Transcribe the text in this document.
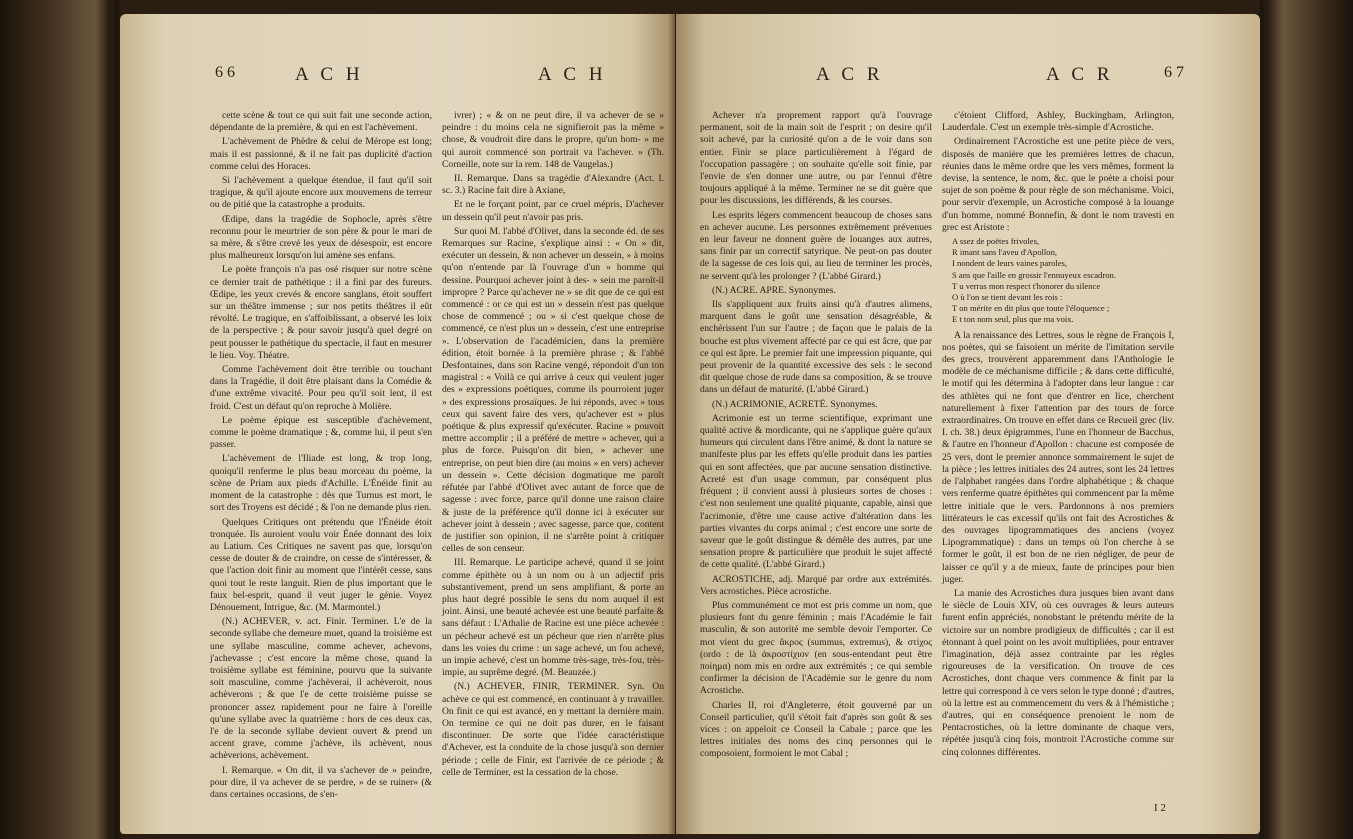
66	A C H	A C H

cette scène & tout ce qui suit fait une seconde action, dépendante de la première, & qui en est l'achèvement.

L'achèvement de Phèdre & celui de Mérope est long; mais il est passionné, & il ne fait pas duplicité d'action comme celui des Horaces.

Si l'achèvement a quelque étendue, il faut qu'il soit tragique, & qu'il ajoute encore aux mouvemens de terreur ou de pitié que la catastrophe a produits.

Œdipe, dans la tragédie de Sophocle, après s'être reconnu pour le meurtrier de son père & pour le mari de sa mère, & s'être crevé les yeux de désespoir, est encore plus malheureux lorsqu'on lui amène ses enfans.

Le poète françois n'a pas osé risquer sur notre scène ce dernier trait de pathétique : il a fini par des fureurs. Œdipe, les yeux crevés & encore sanglans, étoit souffert sur un théâtre immense ; sur nos petits théâtres il eût révolté. Le tragique, en s'affoiblissant, a observé les loix de la perspective ; & pour savoir jusqu'à quel degré on peut pousser le pathétique du spectacle, il faut en mesurer le lieu. Voy. Théatre.

Comme l'achèvement doit être terrible ou touchant dans la Tragédie, il doit être plaisant dans la Comédie & d'une extrême vivacité. Pour peu qu'il soit lent, il est froid. C'est un défaut qu'on reproche à Molière.

Le poème épique est susceptible d'achèvement, comme le poème dramatique ; &, comme lui, il peut s'en passer.

L'achèvement de l'Iliade est long, & trop long, quoiqu'il renferme le plus beau morceau du poème, la scène de Priam aux pieds d'Achille. L'Énéide finit au moment de la catastrophe : dès que Turnus est mort, le sort des Troyens est décidé ; & l'on ne demande plus rien.

Quelques Critiques ont prétendu que l'Énéide étoit tronquée. Ils auroient voulu voir Énée donnant des loix au Latium. Ces Critiques ne savent pas que, lorsqu'on cesse de douter & de craindre, on cesse de s'intéresser, & que l'action doit finir au moment que l'intérêt cesse, sans quoi tout le reste languit. Rien de plus important que le faux bel-esprit, quand il veut juger le génie. Voyez Dénouement, Intrigue, &c. (M. Marmontel.)

(N.) ACHEVER, v. act. Finir. Terminer. L'e de la seconde syllabe che demeure muet, quand la troisième est une syllabe masculine, comme achever, achevons, j'achevasse ; c'est encore la même chose, quand la troisième syllabe est féminine, pourvu que la suivante soit masculine, comme j'achèverai, il achèveroit, nous achèverons ; & que l'e de cette troisième puisse se prononcer assez rapidement pour ne faire à l'oreille qu'une syllabe avec la quatrième : hors de ces deux cas, l'e de la seconde syllabe devient ouvert & prend un accent grave, comme j'achève, ils achèvent, nous achèverions, achèvement.

I. Remarque. « On dit, il va s'achever de » peindre, pour dire, il va achever de se perdre, » de se ruiner» (& dans certaines occasions, de s'en-

ivrer) ; « & on ne peut dire, il va achever de se » peindre : du moins cela ne signifieroit pas la même » chose, & voudroit dire dans le propre, qu'un hom- » me qui auroit commencé son portrait va l'achever. » (Th. Corneille, note sur la rem. 148 de Vaugelas.)

II. Remarque. Dans sa tragédie d'Alexandre (Act. I. sc. 3.) Racine fait dire à Axiane,

Et ne le forçant point, par ce cruel mépris, D'achever un dessein qu'il peut n'avoir pas pris.

Sur quoi M. l'abbé d'Olivet, dans la seconde éd. de ses Remarques sur Racine, s'explique ainsi : « On » dit, exécuter un dessein, & non achever un dessein, » à moins qu'on n'entende par là l'ouvrage d'un » homme qui dessine. Pourquoi achever joint à des- » sein me paroît-il impropre ? Parce qu'achever ne » se dit que de ce qui est commencé : or ce qui est un » dessein n'est pas quelque chose de commencé ; ou » si c'est quelque chose de commencé, ce n'est plus un » dessein, c'est une entreprise ». L'observation de l'académicien, dans la première édition, étoit bornée à la première phrase ; & l'abbé Desfontaines, dans son Racine vengé, répondoit d'un ton magistral : « Voilà ce qui arrive à ceux qui veulent juger des » expressions poétiques, comme ils pourroient juger » des expressions prosaïques. Je lui réponds, avec » tous ceux qui savent faire des vers, qu'achever est » plus poétique & plus expressif qu'exécuter. Racine » pouvoit mettre accomplir ; il a préféré de mettre » achever, qui a plus de force. Puisqu'on dit bien, » achever une entreprise, on peut bien dire (au moins » en vers) achever un dessein ». Cette décision dogmatique me paroît réfutée par l'abbé d'Olivet avec autant de force que de sagesse : avec force, parce qu'il donne une raison claire & juste de la préférence qu'il donne ici à exécuter sur achever joint à dessein ; avec sagesse, parce que, content de justifier son opinion, il ne s'arrête point à critiquer celles de son censeur.

III. Remarque. Le participe achevé, quand il se joint comme épithète ou à un nom ou à un adjectif pris substantivement, prend un sens amplifiant, & porte au plus haut degré possible le sens du nom auquel il est joint. Ainsi, une beauté achevée est une beauté parfaite & sans défaut : L'Athalie de Racine est une pièce achevée : un pécheur achevé est un pécheur que rien n'arrête plus dans les voies du crime : un sage achevé, un fou achevé, un impie achevé, c'est un homme très-sage, très-fou, très-impie, au suprême degré. (M. Beauzée.)

(N.) ACHEVER, FINIR, TERMINER. Syn. On achève ce qui est commencé, en continuant à y travailler. On finit ce qui est avancé, en y mettant la dernière main. On termine ce qui ne doit pas durer, en le faisant discontinuer. De sorte que l'idée caractéristique d'Achever, est la conduite de la chose jusqu'à son dernier période ; celle de Finir, est l'arrivée de ce période ; & celle de Terminer, est la cessation de la chose.

A C R	A C R	67

Achever n'a proprement rapport qu'à l'ouvrage permanent, soit de la main soit de l'esprit ; on desire qu'il soit achevé, par la curiosité qu'on a de le voir dans son entier. Finir se place particulièrement à l'égard de l'occupation passagère ; on souhaite qu'elle soit finie, par l'envie de s'en donner une autre, ou par l'ennui d'être toujours appliqué à la même. Terminer ne se dit guère que pour les discussions, les différends, & les courses.

Les esprits légers commencent beaucoup de choses sans en achever aucune. Les personnes extrêmement prévenues en leur faveur ne donnent guère de louanges aux autres, sans finir par un correctif satyrique. Ne peut-on pas douter de la sagesse de ces lois qui, au lieu de terminer les procès, ne servent qu'à les prolonger ? (L'abbé Girard.)

(N.) ACRE. APRE. Synonymes.

Ils s'appliquent aux fruits ainsi qu'à d'autres alimens, marquent dans le goût une sensation désagréable, & enchérissent l'un sur l'autre ; de façon que le palais de la bouche est plus vivement affecté par ce qui est âcre, que par ce qui est âpre. Le premier fait une impression piquante, qui peut provenir de la quantité excessive des sels : le second dit quelque chose de rude dans sa composition, & se trouve dans un défaut de maturité. (L'abbé Girard.)

(N.) ACRIMONIE, ACRETÉ. Synonymes.

Acrimonie est un terme scientifique, exprimant une qualité active & mordicante, qui ne s'applique guère qu'aux humeurs qui circulent dans l'être animé, & dont la nature se manifeste plus par les effets qu'elle produit dans les parties qui en sont affectées, que par aucune sensation distinctive. Acreté est d'un usage commun, par conséquent plus fréquent ; il convient aussi à plusieurs sortes de choses : c'est non seulement une qualité piquante, capable, ainsi que l'acrimonie, d'être une cause active d'altération dans les parties vivantes du corps animal ; c'est encore une sorte de saveur que le goût distingue & démêle des autres, par une sensation propre & particulière que produit le sujet affecté de cette qualité. (L'abbé Girard.)

ACROSTICHE, adj. Marqué par ordre aux extrémités. Vers acrostiches. Pièce acrostiche.

Plus communément ce mot est pris comme un nom, que plusieurs font du genre féminin ; mais l'Académie le fait masculin, & son autorité me semble devoir l'emporter. Ce mot vient du grec ἄκρος (summus, extremus), & στίχος (ordo : de là ἀκροστίχιον (en sous-entendant peut être ποίημα) nom mis en ordre aux extrémités ; ce qui semble confirmer la décision de l'Académie sur le genre du nom Acrostiche.

Charles II, roi d'Angleterre, étoit gouverné par un Conseil particulier, qu'il s'étoit fait d'après son goût & ses vices : on appeloit ce Conseil la Cabale ; parce que les lettres initiales des noms des cinq personnes qui le composoient, formoient le mot Cabal ;

c'étoient Clifford, Ashley, Buckingham, Arlington, Lauderdale. C'est un exemple très-simple d'Acrostiche.

Ordinairement l'Acrostiche est une petite pièce de vers, disposés de manière que les premières lettres de chacun, réunies dans le même ordre que les vers mêmes, forment la devise, la sentence, le nom, &c. que le poète a choisi pour sujet de son poème & pour règle de son méchanisme. Voici, pour servir d'exemple, un Acrostiche composé à la louange d'un homme, nommé Bonnefin, & dont le nom travesti en grec est Aristote :

A ssez de poëtes frivoles,
R imant sans l'aveu d'Apollon,
I nondent de leurs vaines paroles,
S ans que l'aille en grossir l'ennuyeux escadron.
T u verras mon respect t'honorer du silence
O ù l'on se tient devant les rois :
T on mérite en dit plus que toute l'éloquence ;
E t ton nom seul, plus que ma voix.

A la renaissance des Lettres, sous le règne de François I, nos poètes, qui se faisoient un mérite de l'imitation servile des grecs, trouvèrent apparemment dans l'Anthologie le modèle de ce méchanisme difficile ; & dans cette difficulté, le motif qui les détermina à l'adopter dans leur langue : car des athlètes qui ne font que d'entrer en lice, cherchent naturellement à fixer l'attention par des tours de force extraordinaires. On trouve en effet dans ce Recueil grec (liv. I. ch. 38.) deux épigrammes, l'une en l'honneur de Bacchus, & l'autre en l'honneur d'Apollon : chacune est composée de 25 vers, dont le premier annonce sommairement le sujet de la pièce ; les lettres initiales des 24 autres, sont les 24 lettres de l'alphabet rangées dans l'ordre alphabétique ; & chaque vers renferme quatre épithètes qui commencent par la même lettre initiale que le vers. Pardonnons à nos premiers littérateurs le cas excessif qu'ils ont fait des Acrostiches & des ouvrages lipogrammatiques des anciens (voyez Lipogrammatique) : dans un temps où l'on cherche à se former le goût, il est bon de ne rien négliger, de peur de laisser ce qu'il y a de mieux, faute de principes pour bien juger.

La manie des Acrostiches dura jusques bien avant dans le siècle de Louis XIV, où ces ouvrages & leurs auteurs furent enfin appréciés, nonobstant le prétendu mérite de la victoire sur un nombre prodigieux de difficultés ; car il est étonnant à quel point on les avoit multipliées, pour entraver l'imagination, déjà assez contrainte par les règles rigoureuses de la versification. On trouve de ces Acrostiches, dont chaque vers commence & finit par la lettre qui correspond à ce vers selon le type donné ; d'autres, où la lettre est au commencement du vers & à l'hémistiche ; d'autres, qui en conséquence prenoient le nom de Pentacrostiches, où la lettre dominante de chaque vers, répétée jusqu'à cinq fois, montroit l'Acrostiche comme sur cinq colonnes différentes.

I 2
